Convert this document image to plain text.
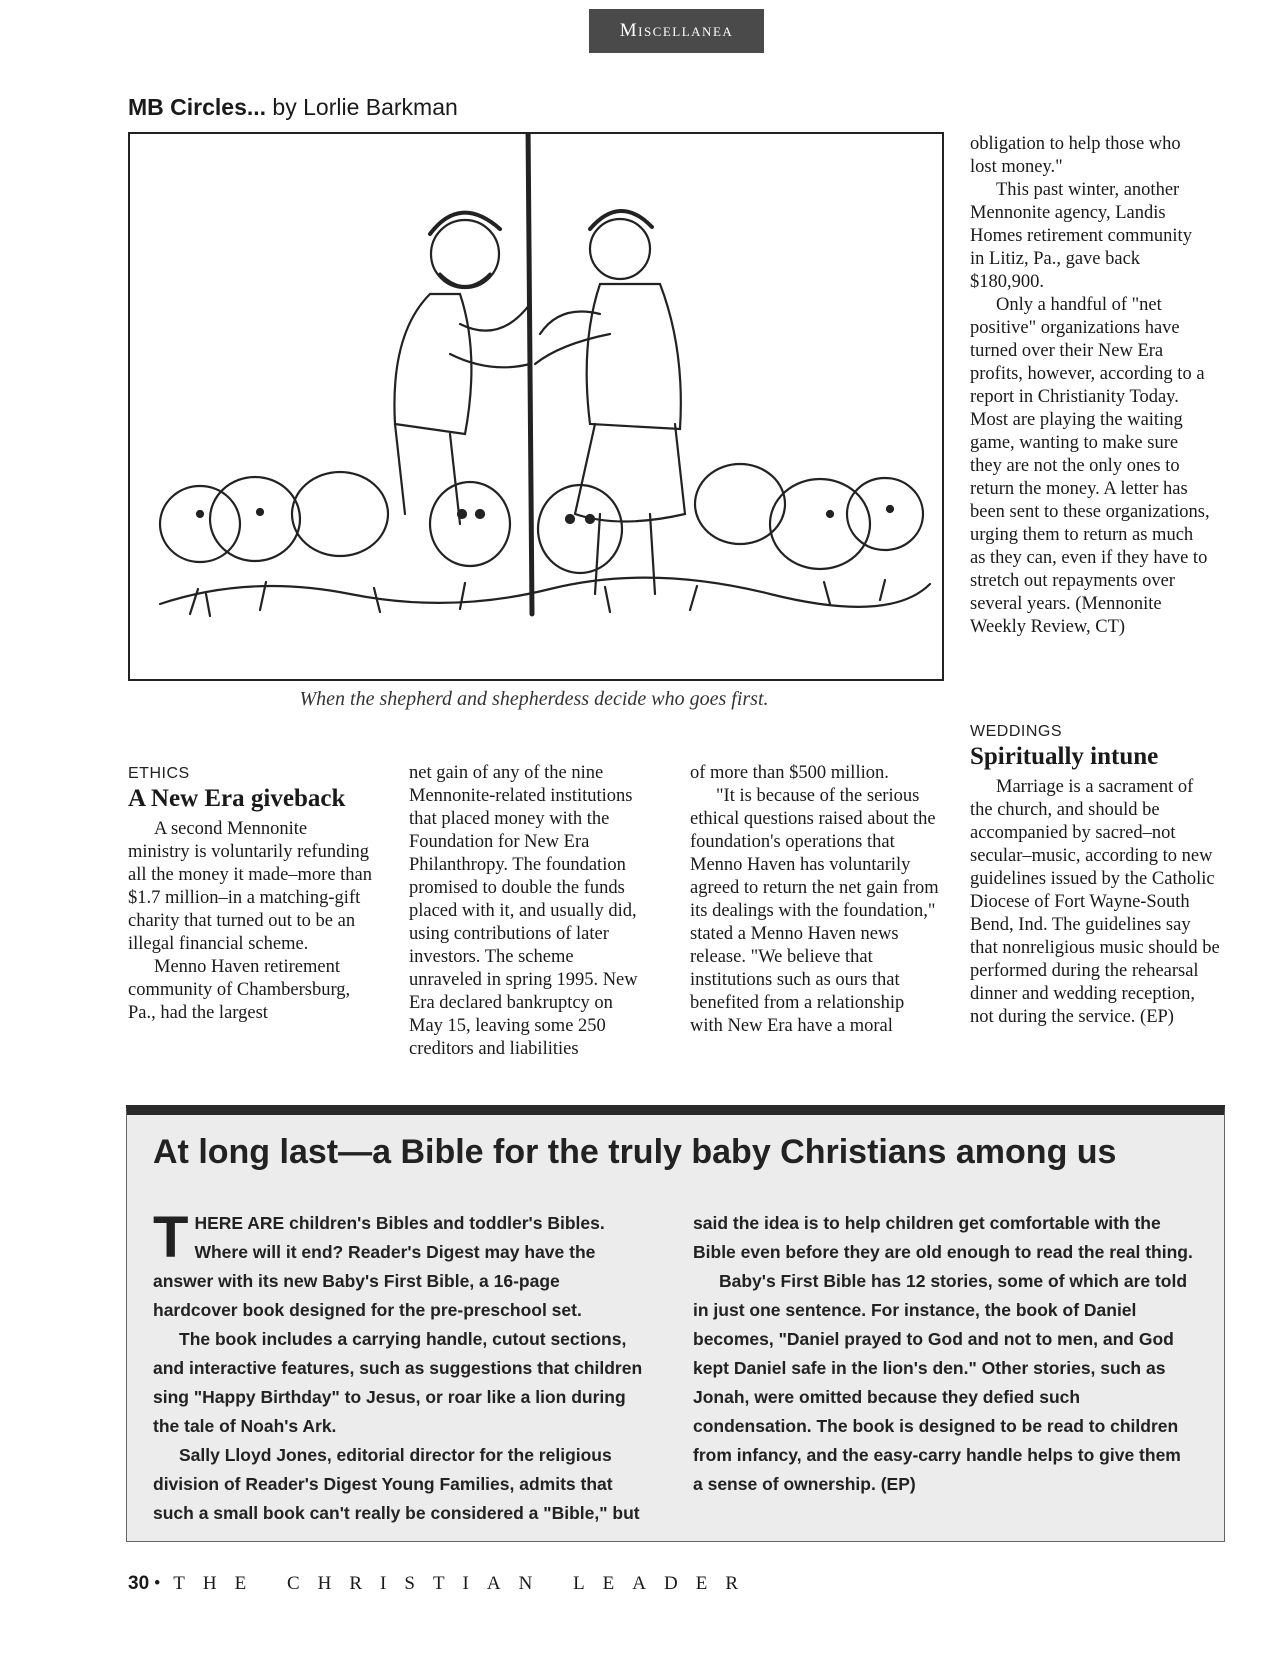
Miscellanea
MB Circles... by Lorlie Barkman
When the shepherd and shepherdess decide who goes first.

obligation to help those who lost money."

This past winter, another Mennonite agency, Landis Homes retirement community in Litiz, Pa., gave back $180,900.

Only a handful of "net positive" organizations have turned over their New Era profits, however, according to a report in Christianity Today. Most are playing the waiting game, wanting to make sure they are not the only ones to return the money. A letter has been sent to these organizations, urging them to return as much as they can, even if they have to stretch out repayments over several years. (Mennonite Weekly Review, CT)

WEDDINGS
Spiritually intune

Marriage is a sacrament of the church, and should be accompanied by sacred–not secular–music, according to new guidelines issued by the Catholic Diocese of Fort Wayne-South Bend, Ind. The guidelines say that nonreligious music should be performed during the rehearsal dinner and wedding reception, not during the service. (EP)

ETHICS
A New Era giveback

A second Mennonite ministry is voluntarily refunding all the money it made–more than $1.7 million–in a matching-gift charity that turned out to be an illegal financial scheme.

Menno Haven retirement community of Chambersburg, Pa., had the largest

net gain of any of the nine Mennonite-related institutions that placed money with the Foundation for New Era Philanthropy. The foundation promised to double the funds placed with it, and usually did, using contributions of later investors. The scheme unraveled in spring 1995. New Era declared bankruptcy on May 15, leaving some 250 creditors and liabilities

of more than $500 million.

"It is because of the serious ethical questions raised about the foundation's operations that Menno Haven has voluntarily agreed to return the net gain from its dealings with the foundation," stated a Menno Haven news release. "We believe that institutions such as ours that benefited from a relationship with New Era have a moral

At long last—a Bible for the truly baby Christians among us

THERE ARE children's Bibles and toddler's Bibles. Where will it end? Reader's Digest may have the answer with its new Baby's First Bible, a 16-page hardcover book designed for the pre-preschool set.

The book includes a carrying handle, cutout sections, and interactive features, such as suggestions that children sing "Happy Birthday" to Jesus, or roar like a lion during the tale of Noah's Ark.

Sally Lloyd Jones, editorial director for the religious division of Reader's Digest Young Families, admits that such a small book can't really be considered a "Bible," but

said the idea is to help children get comfortable with the Bible even before they are old enough to read the real thing.

Baby's First Bible has 12 stories, some of which are told in just one sentence. For instance, the book of Daniel becomes, "Daniel prayed to God and not to men, and God kept Daniel safe in the lion's den." Other stories, such as Jonah, were omitted because they defied such condensation. The book is designed to be read to children from infancy, and the easy-carry handle helps to give them a sense of ownership. (EP)

30 • THE CHRISTIAN LEADER
